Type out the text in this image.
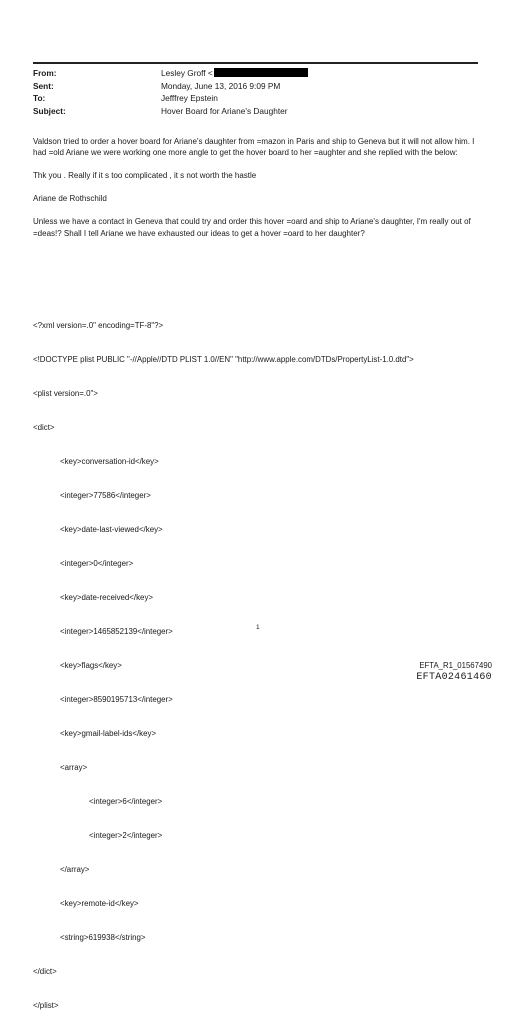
From:	Lesley Groff <
Sent:	Monday, June 13, 2016 9:09 PM
To:	Jefffrey Epstein
Subject:	Hover Board for Ariane's Daughter

Valdson tried to order a hover board for Ariane's daughter from =mazon in Paris and ship to Geneva but it will not allow him. I had =old Ariane we were working one more angle to get the hover board to her =aughter and she replied with the below:

Thk you . Really if it s too complicated , it s not worth the hastle

Ariane de Rothschild

Unless we have a contact in Geneva that could try and order this hover =oard and ship to Ariane's daughter, I'm really out of =deas!? Shall I tell Ariane we have exhausted our ideas to get a hover =oard to her daughter?

<?xml version=.0" encoding=TF-8"?>

<!DOCTYPE plist PUBLIC "-//Apple//DTD PLIST 1.0//EN" "http://www.apple.com/DTDs/PropertyList-1.0.dtd">

<plist version=.0">

<dict>

<key>conversation-id</key>

<integer>77586</integer>

<key>date-last-viewed</key>

<integer>0</integer>

<key>date-received</key>

<integer>1465852139</integer>

<key>flags</key>

<integer>8590195713</integer>

<key>gmail-label-ids</key>

<array>

<integer>6</integer>

<integer>2</integer>

</array>

<key>remote-id</key>

<string>619938</string>

</dict>

</plist>

1
EFTA_R1_01567490
EFTA02461460
